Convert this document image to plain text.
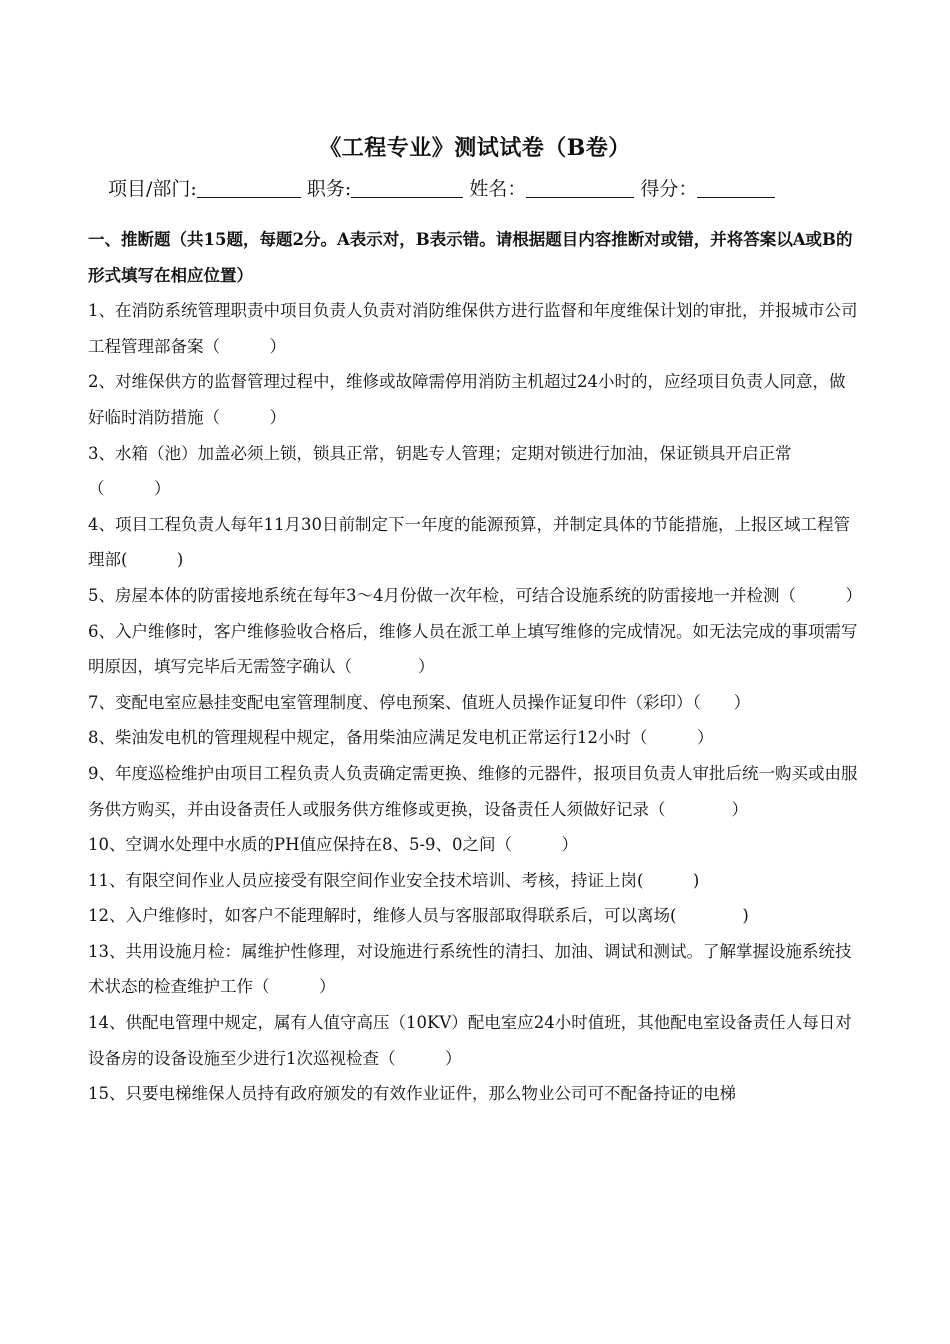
《工程专业》测试试卷（B卷）
项目/部门:	职务:	姓名：	得分：

一、推断题（共15题，每题2分。A表示对，B表示错。请根据题目内容推断对或错，并将答案以A或B的形式填写在相应位置）

1、在消防系统管理职责中项目负责人负责对消防维保供方进行监督和年度维保计划的审批，并报城市公司工程管理部备案（　　　）

2、对维保供方的监督管理过程中，维修或故障需停用消防主机超过24小时的，应经项目负责人同意，做好临时消防措施（　　　）

3、水箱（池）加盖必须上锁，锁具正常，钥匙专人管理；定期对锁进行加油，保证锁具开启正常（　　　）

4、项目工程负责人每年11月30日前制定下一年度的能源预算，并制定具体的节能措施，上报区域工程管理部(　　　)

5、房屋本体的防雷接地系统在每年3～4月份做一次年检，可结合设施系统的防雷接地一并检测（　　　）

6、入户维修时，客户维修验收合格后，维修人员在派工单上填写维修的完成情况。如无法完成的事项需写明原因，填写完毕后无需签字确认（　　　　）

7、变配电室应悬挂变配电室管理制度、停电预案、值班人员操作证复印件（彩印）（　　）

8、柴油发电机的管理规程中规定，备用柴油应满足发电机正常运行12小时（　　　）

9、年度巡检维护由项目工程负责人负责确定需更换、维修的元器件，报项目负责人审批后统一购买或由服务供方购买，并由设备责任人或服务供方维修或更换，设备责任人须做好记录（　　　　）

10、空调水处理中水质的PH值应保持在8、5-9、0之间（　　　）

11、有限空间作业人员应接受有限空间作业安全技术培训、考核，持证上岗(　　　)

12、入户维修时，如客户不能理解时，维修人员与客服部取得联系后，可以离场(　　　　)

13、共用设施月检：属维护性修理，对设施进行系统性的清扫、加油、调试和测试。了解掌握设施系统技术状态的检查维护工作（　　　）

14、供配电管理中规定，属有人值守高压（10KV）配电室应24小时值班，其他配电室设备责任人每日对设备房的设备设施至少进行1次巡视检查（　　　）

15、只要电梯维保人员持有政府颁发的有效作业证件，那么物业公司可不配备持证的电梯
